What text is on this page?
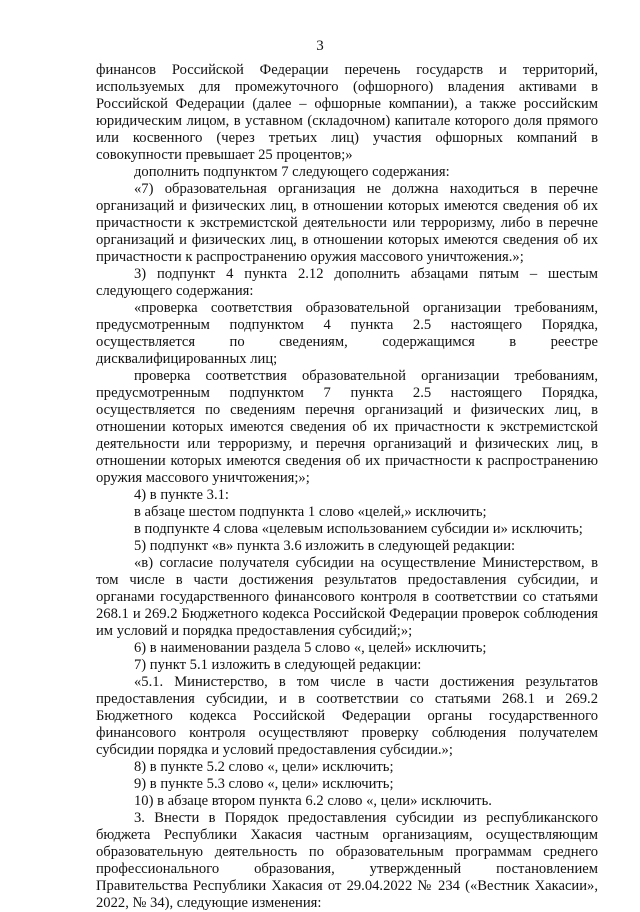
3

финансов Российской Федерации перечень государств и территорий, используемых для промежуточного (офшорного) владения активами в Российской Федерации (далее – офшорные компании), а также российским юридическим лицом, в уставном (складочном) капитале которого доля прямого или косвенного (через третьих лиц) участия офшорных компаний в совокупности превышает 25 процентов;»

дополнить подпунктом 7 следующего содержания:

«7) образовательная организация не должна находиться в перечне организаций и физических лиц, в отношении которых имеются сведения об их причастности к экстремистской деятельности или терроризму, либо в перечне организаций и физических лиц, в отношении которых имеются сведения об их причастности к распространению оружия массового уничтожения.»;

3) подпункт 4 пункта 2.12 дополнить абзацами пятым – шестым следующего содержания:

«проверка соответствия образовательной организации требованиям, предусмотренным подпунктом 4 пункта 2.5 настоящего Порядка, осуществляется по сведениям, содержащимся в реестре дисквалифицированных лиц;

проверка соответствия образовательной организации требованиям, предусмотренным подпунктом 7 пункта 2.5 настоящего Порядка, осуществляется по сведениям перечня организаций и физических лиц, в отношении которых имеются сведения об их причастности к экстремистской деятельности или терроризму, и перечня организаций и физических лиц, в отношении которых имеются сведения об их причастности к распространению оружия массового уничтожения;»;

4) в пункте 3.1:

в абзаце шестом подпункта 1 слово «целей,» исключить;

в подпункте 4 слова «целевым использованием субсидии и» исключить;

5) подпункт «в» пункта 3.6 изложить в следующей редакции:

«в) согласие получателя субсидии на осуществление Министерством, в том числе в части достижения результатов предоставления субсидии, и органами государственного финансового контроля в соответствии со статьями 268.1 и 269.2 Бюджетного кодекса Российской Федерации проверок соблюдения им условий и порядка предоставления субсидий;»;

6) в наименовании раздела 5 слово «, целей» исключить;

7) пункт 5.1 изложить в следующей редакции:

«5.1. Министерство, в том числе в части достижения результатов предоставления субсидии, и в соответствии со статьями 268.1 и 269.2 Бюджетного кодекса Российской Федерации органы государственного финансового контроля осуществляют проверку соблюдения получателем субсидии порядка и условий предоставления субсидии.»;

8) в пункте 5.2 слово «, цели» исключить;

9) в пункте 5.3 слово «, цели» исключить;

10) в абзаце втором пункта 6.2 слово «, цели» исключить.

3. Внести в Порядок предоставления субсидии из республиканского бюджета Республики Хакасия частным организациям, осуществляющим образовательную деятельность по образовательным программам среднего профессионального образования, утвержденный постановлением Правительства Республики Хакасия от 29.04.2022 № 234 («Вестник Хакасии», 2022, № 34), следующие изменения:
